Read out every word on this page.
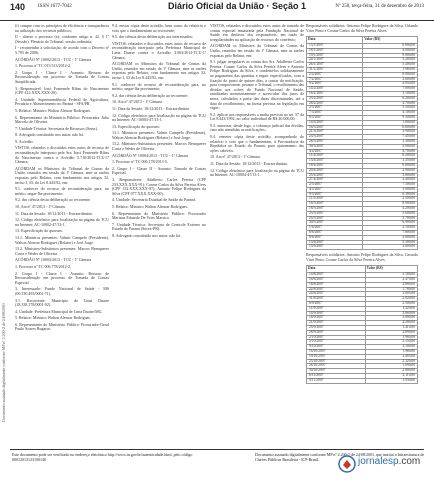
140	ISSN 1677-7042	Diário Oficial da União · Seção 1	Nº 250, terça-feira, 31 de dezembro de 2013
Documento assinado digitalmente conforme MP nº 2.200-2 de 24/08/2001

(i) cumpre com os princípios de eficiência e transparência na utilização dos recursos públicos;

II - alterar o processo (a); conforme artigo n. 42, § 1º (Sessão). Plenário do Tribunal, sessão ordinária;

I - recomendar a solicitação; de acordo com o Decreto nº 5.705 de 2006;

ACÓRDÃO Nº 10002/2013 - TCU - 1ª Câmara

1. Processo nº TC 015.513/2012-2.

2. Grupo I - Classe I - Assunto: Recurso de Reconsideração em processo de Tomada de Contas Simplificada.

3. Responsável: Iraci Fontenele Ribas do Nascimento (CPF 412.XXX.XXX-20).

4. Unidade: Superintendência Federal de Agricultura, Pecuária e Abastecimento no Paraná - SFA/PR.

5. Relator: Ministro Walton Alencar Rodrigues.

6. Representante do Ministério Público: Procurador Júlio Marcelo de Oliveira.

7. Unidade Técnica: Secretaria de Recursos (Serur).

8. Advogado constituído nos autos: não há.

9. Acórdão:

VISTOS, relatados e discutidos estes autos de recurso de reconsideração interposto pela Sra. Iraci Fontenele Ribas do Nascimento contra o Acórdão 5.710/2012-TCU-1ª Câmara;

ACORDAM os Ministros do Tribunal de Contas da União, reunidos em sessão da 1ª Câmara, ante as razões expostas pelo Relator, com fundamento nos artigos 32, inciso I, 33, da Lei 8.443/92, em:

9.1. conhecer do recurso de reconsideração para, no mérito, negar-lhe provimento;

9.2. dar ciência desta deliberação ao recorrente.

10. Ata nº 47/2013 - 1ª Câmara.

11. Data da Sessão: 10/12/2013 - Extraordinária.

12. Código eletrônico para localização na página do TCU na Internet: AC-10002-47/13-1.

13. Especificação do quorum:

13.1. Ministros presentes: Valmir Campelo (Presidente), Walton Alencar Rodrigues (Relator) e José Jorge.

13.2. Ministros-Substitutos presentes: Marcos Bemquerer Costa e Weder de Oliveira.

ACÓRDÃO Nº 10003/2013 - TCU - 1ª Câmara

1. Processo nº TC 006.778/2012-2.

2. Grupo I - Classe I - Assunto: Recurso de Reconsideração em processo de Tomada de Contas Especial.

3. Interessado: Fundo Nacional de Saúde - MS (00.530.493/0001-71).

3.1. Recorrente: Município de Lima Duarte (18.338.178/0001-02).

4. Unidade: Prefeitura Municipal de Lima Duarte/MG.

5. Relator: Ministro Walton Alencar Rodrigues.

6. Representante do Ministério Público: Procurador-Geral Paulo Soares Bugarin.

9.4. enviar cópia deste acórdão, bem como do relatório e voto que o fundamentam ao recorrente;

9.5. dar ciência desta deliberação aos interessados;

VISTOS, relatados e discutidos estes autos de recurso de reconsideração interposto pela Prefeitura Municipal de Lima Duarte contra o Acórdão 3.063/2012-TCU-1ª Câmara;

ACORDAM os Ministros do Tribunal de Contas da União, reunidos em sessão da 1ª Câmara, ante as razões expostas pelo Relator, com fundamento nos artigos 32, inciso I, 33 da Lei 8.443/92, em:

9.1. conhecer do recurso de reconsideração para, no mérito, negar-lhe provimento;

9.2. dar ciência desta deliberação ao recorrente;

10. Ata nº 47/2013 - 1ª Câmara.

11. Data da Sessão: 10/12/2013 - Extraordinária.

12. Código eletrônico para localização na página do TCU na Internet: AC-10003-47/13-1.

13. Especificação do quorum:

13.1. Ministros presentes: Valmir Campelo (Presidente), Walton Alencar Rodrigues (Relator) e José Jorge.

13.2. Ministros-Substitutos presentes: Marcos Bemquerer Costa e Weder de Oliveira.

ACÓRDÃO Nº 10004/2013 - TCU - 1ª Câmara

1. Processo nº TC 006.178/2013-5.

2. Grupo I - Classe II - Assunto: Tomada de Contas Especial.

3. Responsáveis: Adalberto Carlos Pereira (CPF 233.XXX.XXX-91); Cosme Carlos da Silva Pereira Alves (CPF 152.XXX.XXX-87); Antonio Felipe Rodrigues da Silva (CPF 077.XXX.XXX-00).

4. Unidade: Secretaria Estadual de Saúde do Paraná.

5. Relator: Ministro Walton Alencar Rodrigues.

6. Representante do Ministério Público: Procurador Marinus Eduardo De Vries Marsico.

7. Unidade Técnica: Secretaria de Controle Externo no Estado do Paraná (Secex-PR).

8. Advogado constituído nos autos: não há.

VISTOS, relatados e discutidos estes autos de tomada de contas especial instaurada pela Fundação Nacional de Saúde em desfavor dos responsáveis, em razão de irregularidades na aplicação de recursos do convênio;

ACORDAM os Ministros do Tribunal de Contas da União, reunidos em sessão da 1ª Câmara, ante as razões expostas pelo Relator, em:

9.1. julgar irregulares as contas dos Srs. Adalberto Carlos Pereira, Cosme Carlos da Silva Pereira Alves e Antonio Felipe Rodrigues da Silva, e condená-los solidariamente ao pagamento das quantias a seguir especificadas, com a fixação do prazo de quinze dias, a contar da notificação, para comprovarem, perante o Tribunal, o recolhimento das dívidas aos cofres do Fundo Nacional de Saúde, atualizadas monetariamente e acrescidas dos juros de mora, calculados a partir das datas discriminadas, até a data do recolhimento, na forma prevista na legislação em vigor;

9.2. aplicar aos responsáveis a multa prevista no art. 57 da Lei 8.443/1992, no valor individual de R$ 20.000,00;

9.3. autorizar, desde logo, a cobrança judicial das dívidas, caso não atendidas as notificações;

9.4. remeter cópia deste acórdão, acompanhado do relatório e voto que o fundamentam, à Procuradoria da República no Estado do Paraná, para ajuizamento das ações cabíveis.

10. Ata nº 47/2013 - 1ª Câmara.

11. Data da Sessão: 10/12/2013 - Extraordinária.

12. Código eletrônico para localização na página do TCU na Internet: AC-10004-47/13-1.

Responsáveis solidários: Antonio Felipe Rodrigues da Silva, Orlando Vitor Pinto e Cosme Carlos da Silva Pereira Alves.

Data	Valor (R$)
13/1/2007	6.800,00
18/1/2007	4.000,00
19/1/2007	9.000,00
24/1/2007	3.200,00
26/1/2007	5.400,00
31/1/2007	1.960,00
2/2/2007	8.000,00
7/2/2007	2.600,00
9/2/2007	4.850,00
14/2/2007	7.000,00
16/2/2007	3.100,00
23/2/2007	6.200,00
28/2/2007	2.700,00
2/3/2007	5.500,00
7/3/2007	4.100,00
9/3/2007	9.300,00
14/3/2007	1.800,00
16/3/2007	6.600,00
21/3/2007	3.900,00
23/3/2007	7.450,00
28/3/2007	2.300,00
30/3/2007	5.000,00
4/4/2007	4.700,00
11/4/2007	8.200,00
13/4/2007	3.350,00
18/4/2007	6.000,00
20/4/2007	2.900,00
25/4/2007	5.800,00
27/4/2007	4.400,00
2/5/2007	7.100,00
4/5/2007	3.000,00
9/5/2007	6.300,00
11/5/2007	2.500,00
16/5/2007	8.900,00
18/5/2007	4.200,00
23/5/2007	5.600,00
25/5/2007	3.700,00
30/5/2007	6.900,00
1/6/2007	2.100,00
6/6/2007	7.800,00
8/6/2007	4.000,00
13/6/2007	5.300,00
15/6/2007	3.600,00

Responsáveis solidários: Antonio Felipe Rodrigues da Silva, Gerardo Vitor Pinto, Cosme Carlos da Silva Pereira Alves.

Data	Valor (R$)
14/8/2007	3.500,00
16/8/2007	2.470,00
18/8/2007	2.080,00
22/8/2007	1.780,00
24/8/2007	2.005,00
31/8/2007	2.020,00
6/9/2007	2.500,00
11/9/2007	1.320,00
14/9/2007	2.060,00
18/9/2007	3.000,00
21/9/2007	2.200,00
25/9/2007	1.410,00
28/9/2007	2.890,00
2/10/2007	1.960,00
5/10/2007	2.150,00
9/10/2007	3.100,00
16/10/2007	1.980,00
19/10/2007	2.405,00
23/10/2007	2.320,00
26/10/2007	1.690,00
30/10/2007	2.800,00
6/11/2007	2.110,00
9/11/2007	1.930,00
Este documento pode ser verificado no endereço eletrônico http://www.in.gov.br/autenticidade.html, pelo código 00012013123100140
Documento assinado digitalmente conforme MP nº 2.200-2 de 24/08/2001, que institui a Infraestrutura de Chaves Públicas Brasileira - ICP-Brasil.	jornalesp.com
